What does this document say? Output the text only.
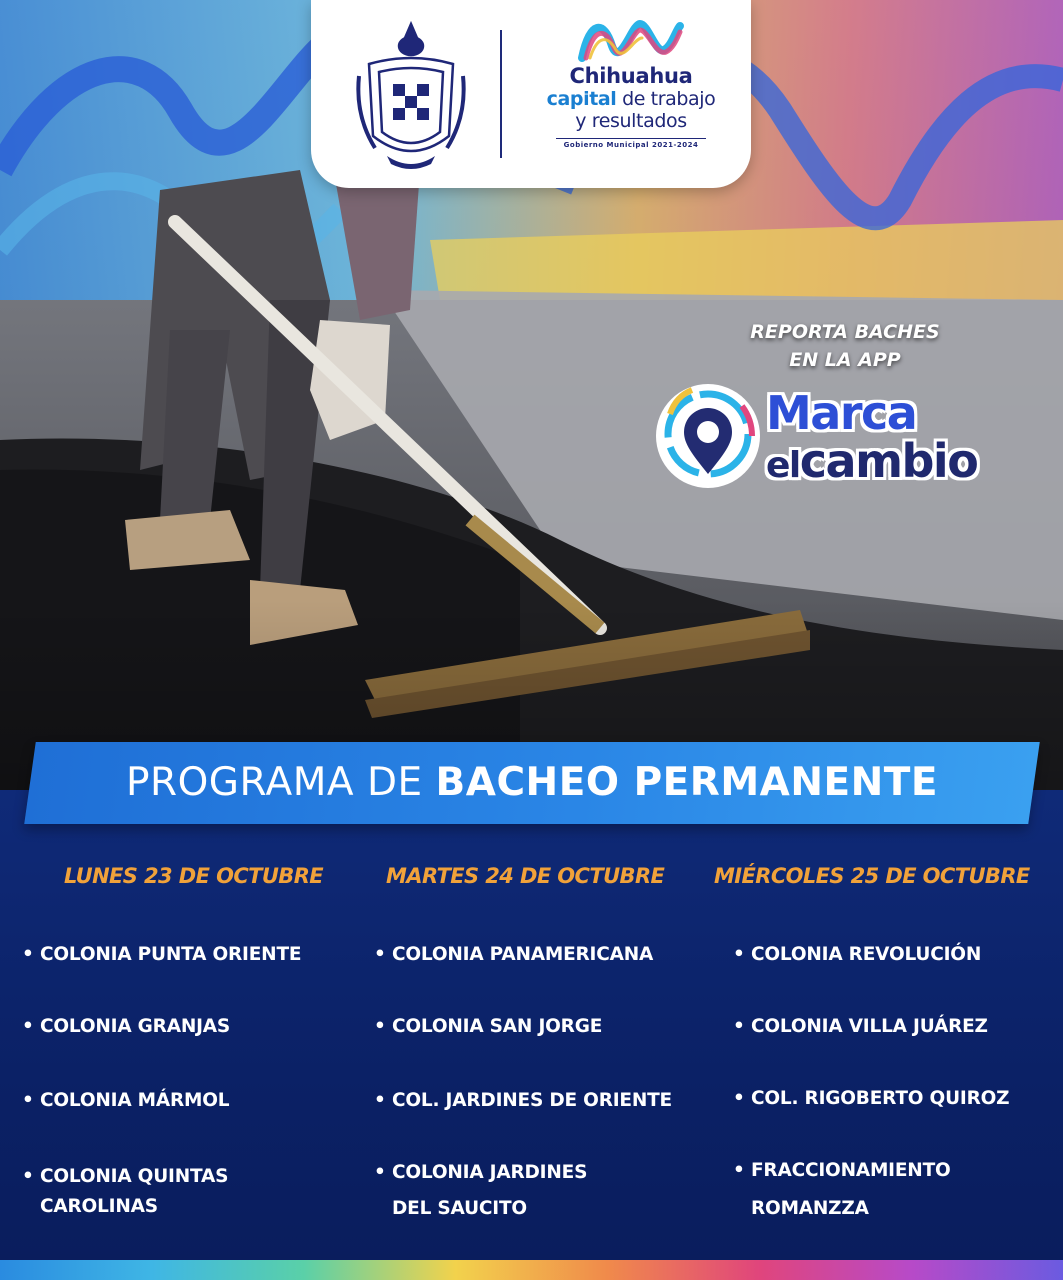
Chihuahua
capital de trabajo
y resultados
Gobierno Municipal 2021-2024
REPORTA BACHES
EN LA APP
Marca
elcambio
PROGRAMA DE BACHEO PERMANENTE
LUNES 23 DE OCTUBRE
• COLONIA PUNTA ORIENTE
• COLONIA GRANJAS
• COLONIA MÁRMOL
• COLONIA QUINTAS
CAROLINAS
MARTES 24 DE OCTUBRE
• COLONIA PANAMERICANA
• COLONIA SAN JORGE
• COL. JARDINES DE ORIENTE
• COLONIA JARDINES
DEL SAUCITO
MIÉRCOLES 25 DE OCTUBRE
• COLONIA REVOLUCIÓN
• COLONIA VILLA JUÁREZ
• COL. RIGOBERTO QUIROZ
• FRACCIONAMIENTO
ROMANZZA
